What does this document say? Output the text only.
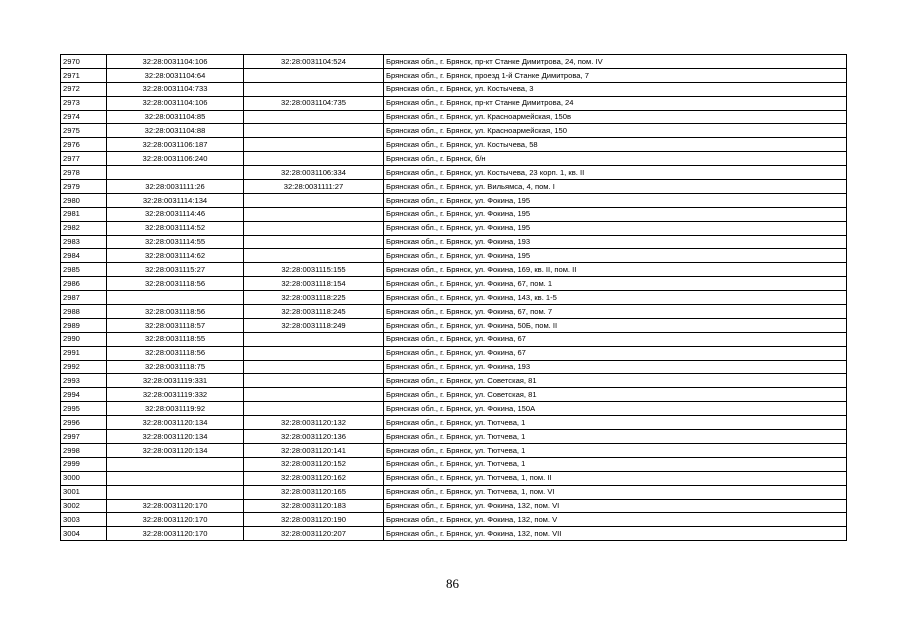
2970	32:28:0031104:106	32:28:0031104:524	Брянская обл., г. Брянск, пр-кт Станке Димитрова, 24, пом. IV
2971	32:28:0031104:64		Брянская обл., г. Брянск, проезд 1-й Станке Димитрова, 7
2972	32:28:0031104:733		Брянская обл., г. Брянск, ул. Костычева, 3
2973	32:28:0031104:106	32:28:0031104:735	Брянская обл., г. Брянск, пр-кт Станке Димитрова, 24
2974	32:28:0031104:85		Брянская обл., г. Брянск, ул. Красноармейская, 150в
2975	32:28:0031104:88		Брянская обл., г. Брянск, ул. Красноармейская, 150
2976	32:28:0031106:187		Брянская обл., г. Брянск, ул. Костычева, 58
2977	32:28:0031106:240		Брянская обл., г. Брянск, б/н
2978		32:28:0031106:334	Брянская обл., г. Брянск, ул. Костычева, 23 корп. 1, кв. II
2979	32:28:0031111:26	32:28:0031111:27	Брянская обл., г. Брянск, ул. Вильямса, 4, пом. I
2980	32:28:0031114:134		Брянская обл., г. Брянск, ул. Фокина, 195
2981	32:28:0031114:46		Брянская обл., г. Брянск, ул. Фокина, 195
2982	32:28:0031114:52		Брянская обл., г. Брянск, ул. Фокина, 195
2983	32:28:0031114:55		Брянская обл., г. Брянск, ул. Фокина, 193
2984	32:28:0031114:62		Брянская обл., г. Брянск, ул. Фокина, 195
2985	32:28:0031115:27	32:28:0031115:155	Брянская обл., г. Брянск, ул. Фокина, 169, кв. II, пом. II
2986	32:28:0031118:56	32:28:0031118:154	Брянская обл., г. Брянск, ул. Фокина, 67, пом. 1
2987		32:28:0031118:225	Брянская обл., г. Брянск, ул. Фокина, 143, кв. 1-5
2988	32:28:0031118:56	32:28:0031118:245	Брянская обл., г. Брянск, ул. Фокина, 67, пом. 7
2989	32:28:0031118:57	32:28:0031118:249	Брянская обл., г. Брянск, ул. Фокина, 50Б, пом. II
2990	32:28:0031118:55		Брянская обл., г. Брянск, ул. Фокина, 67
2991	32:28:0031118:56		Брянская обл., г. Брянск, ул. Фокина, 67
2992	32:28:0031118:75		Брянская обл., г. Брянск, ул. Фокина, 193
2993	32:28:0031119:331		Брянская обл., г. Брянск, ул. Советская, 81
2994	32:28:0031119:332		Брянская обл., г. Брянск, ул. Советская, 81
2995	32:28:0031119:92		Брянская обл., г. Брянск, ул. Фокина, 150А
2996	32:28:0031120:134	32:28:0031120:132	Брянская обл., г. Брянск, ул. Тютчева, 1
2997	32:28:0031120:134	32:28:0031120:136	Брянская обл., г. Брянск, ул. Тютчева, 1
2998	32:28:0031120:134	32:28:0031120:141	Брянская обл., г. Брянск, ул. Тютчева, 1
2999		32:28:0031120:152	Брянская обл., г. Брянск, ул. Тютчева, 1
3000		32:28:0031120:162	Брянская обл., г. Брянск, ул. Тютчева, 1, пом. II
3001		32:28:0031120:165	Брянская обл., г. Брянск, ул. Тютчева, 1, пом. VI
3002	32:28:0031120:170	32:28:0031120:183	Брянская обл., г. Брянск, ул. Фокина, 132, пом. VI
3003	32:28:0031120:170	32:28:0031120:190	Брянская обл., г. Брянск, ул. Фокина, 132, пом. V
3004	32:28:0031120:170	32:28:0031120:207	Брянская обл., г. Брянск, ул. Фокина, 132, пом. VII
86
